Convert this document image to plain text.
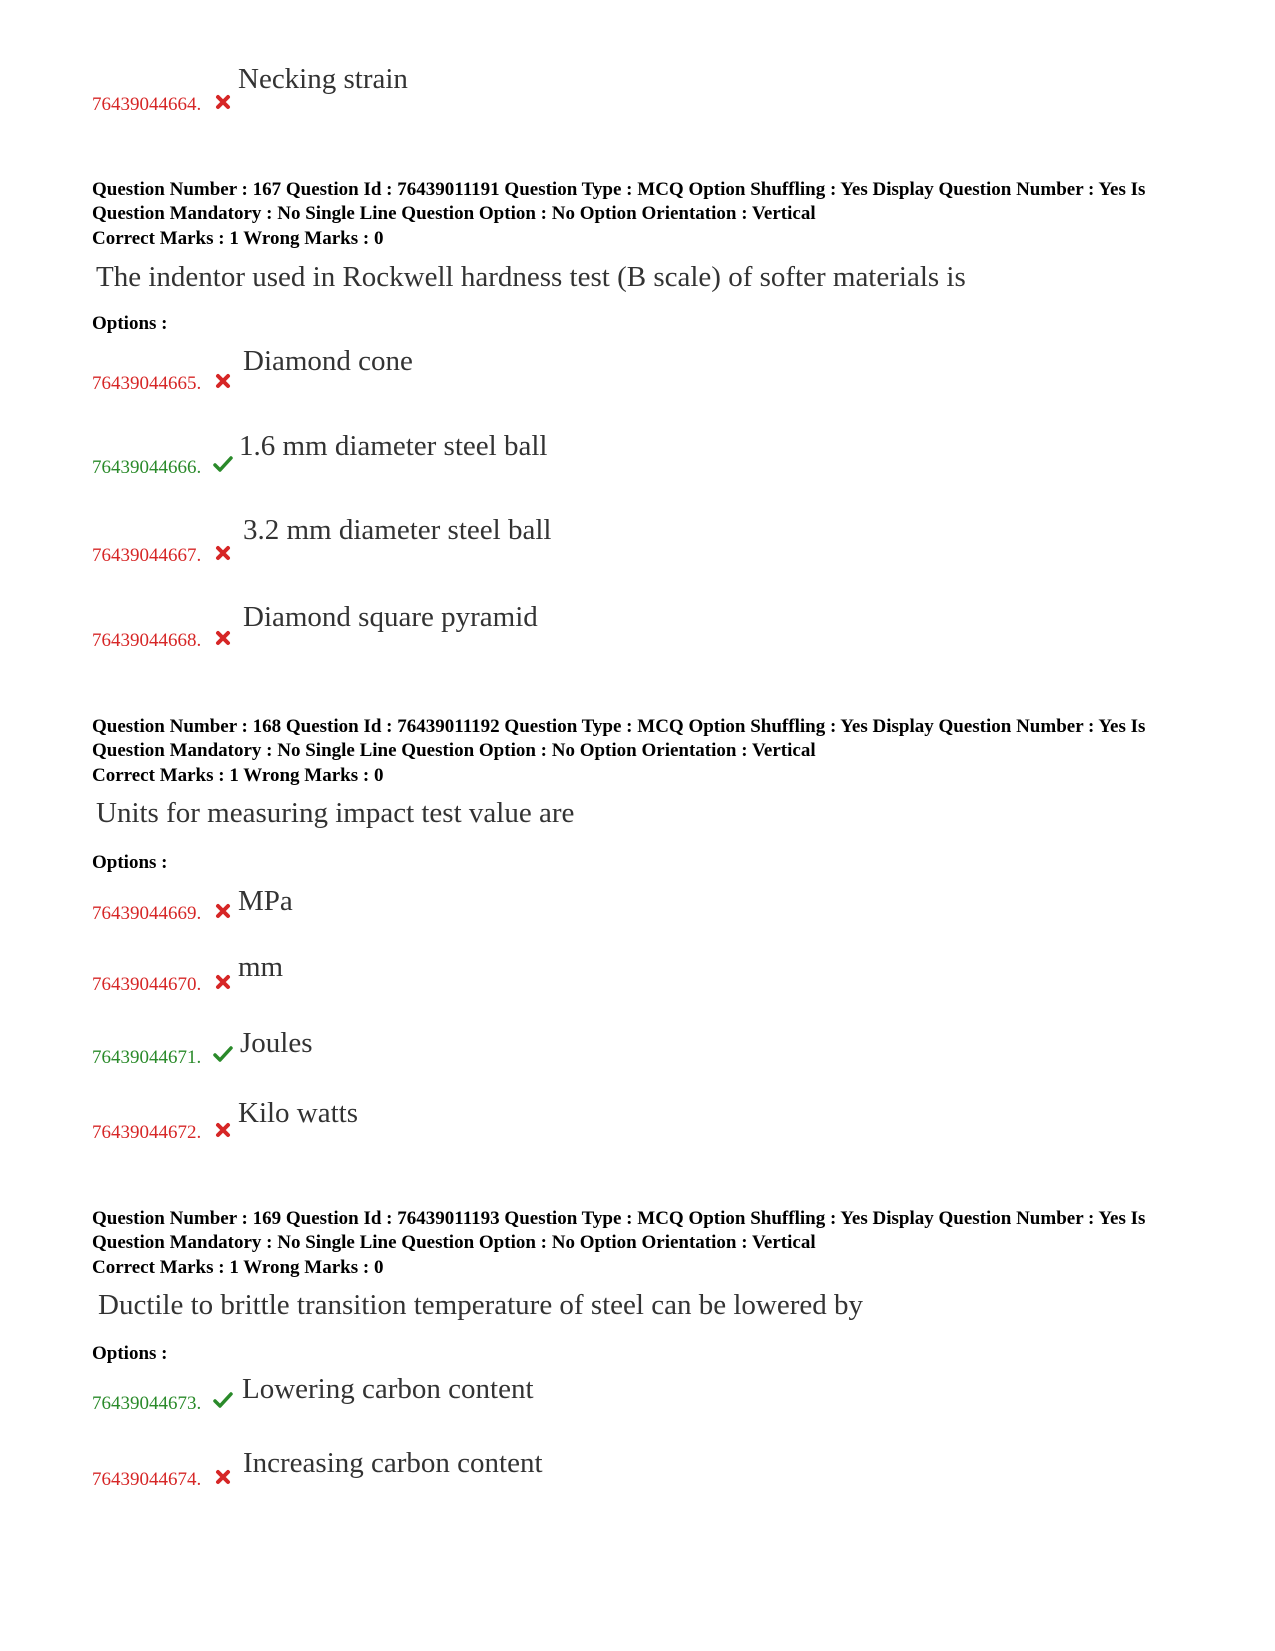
76439044664.
Necking strain
Question Number : 167 Question Id : 76439011191 Question Type : MCQ Option Shuffling : Yes Display Question Number : Yes Is Question Mandatory : No Single Line Question Option : No Option Orientation : Vertical
Correct Marks : 1 Wrong Marks : 0
The indentor used in Rockwell hardness test (B scale) of softer materials is
Options :
76439044665.
Diamond cone
76439044666.
1.6 mm diameter steel ball
76439044667.
3.2 mm diameter steel ball
76439044668.
Diamond square pyramid
Question Number : 168 Question Id : 76439011192 Question Type : MCQ Option Shuffling : Yes Display Question Number : Yes Is Question Mandatory : No Single Line Question Option : No Option Orientation : Vertical
Correct Marks : 1 Wrong Marks : 0
Units for measuring impact test value are
Options :
76439044669. MPa
76439044670.
mm
76439044671. Joules
76439044672.
Kilo watts
Question Number : 169 Question Id : 76439011193 Question Type : MCQ Option Shuffling : Yes Display Question Number : Yes Is Question Mandatory : No Single Line Question Option : No Option Orientation : Vertical
Correct Marks : 1 Wrong Marks : 0
Ductile to brittle transition temperature of steel can be lowered by
Options :
76439044673. Lowering carbon content
76439044674.
Increasing carbon content
